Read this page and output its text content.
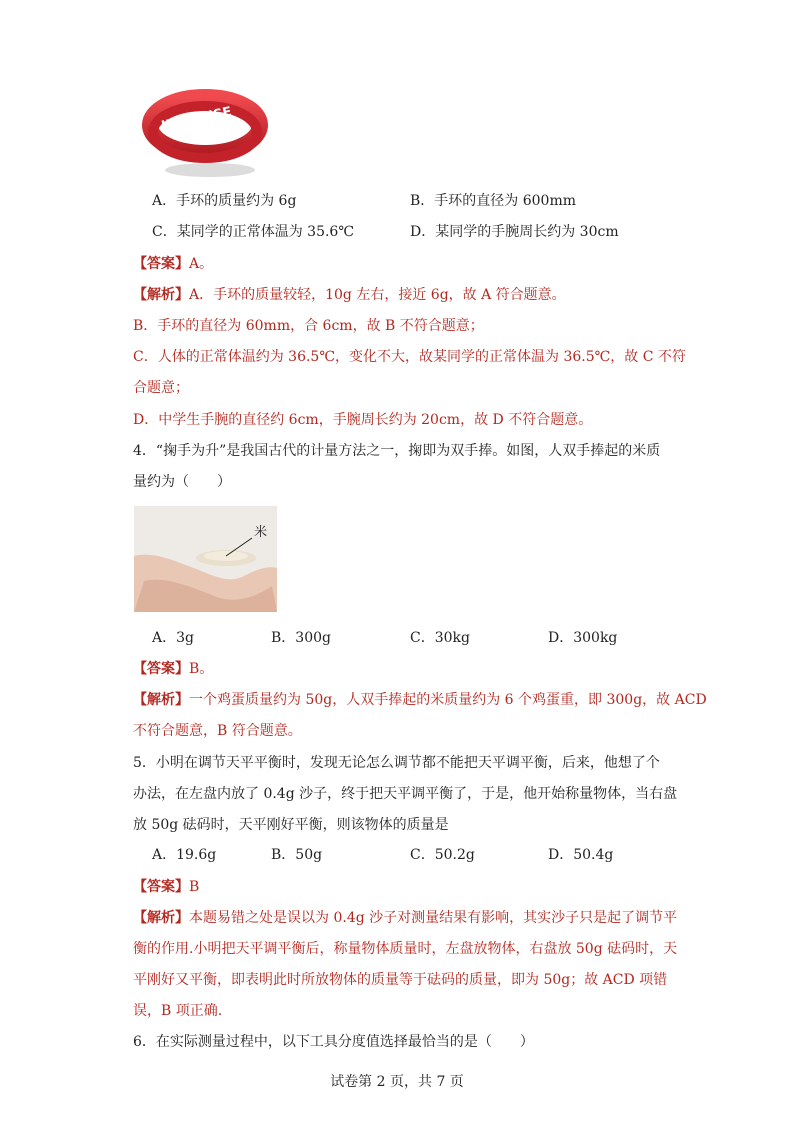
IPROMISE
A．手环的质量约为 6g	B．手环的直径为 600mm
C．某同学的正常体温为 35.6℃	D．某同学的手腕周长约为 30cm
【答案】A。
【解析】A．手环的质量较轻，10g 左右，接近 6g，故 A 符合题意。
B．手环的直径为 60mm，合 6cm，故 B 不符合题意；
C．人体的正常体温约为 36.5℃，变化不大，故某同学的正常体温为 36.5℃，故 C 不符
合题意；
D．中学生手腕的直径约 6cm，手腕周长约为 20cm，故 D 不符合题意。
4．“掬手为升”是我国古代的计量方法之一，掬即为双手捧。如图，人双手捧起的米质
量约为（　　）
米
A．3g	B．300g	C．30kg	D．300kg
【答案】B。
【解析】一个鸡蛋质量约为 50g，人双手捧起的米质量约为 6 个鸡蛋重，即 300g，故 ACD
不符合题意，B 符合题意。
5．小明在调节天平平衡时，发现无论怎么调节都不能把天平调平衡，后来，他想了个
办法，在左盘内放了 0.4g 沙子，终于把天平调平衡了，于是，他开始称量物体，当右盘
放 50g 砝码时，天平刚好平衡，则该物体的质量是
A．19.6g	B．50g	C．50.2g	D．50.4g
【答案】B
【解析】本题易错之处是误以为 0.4g 沙子对测量结果有影响，其实沙子只是起了调节平
衡的作用.小明把天平调平衡后，称量物体质量时，左盘放物体，右盘放 50g 砝码时，天
平刚好又平衡，即表明此时所放物体的质量等于砝码的质量，即为 50g；故 ACD 项错
误，B 项正确.
6．在实际测量过程中，以下工具分度值选择最恰当的是（　　）
试卷第 2 页，共 7 页
